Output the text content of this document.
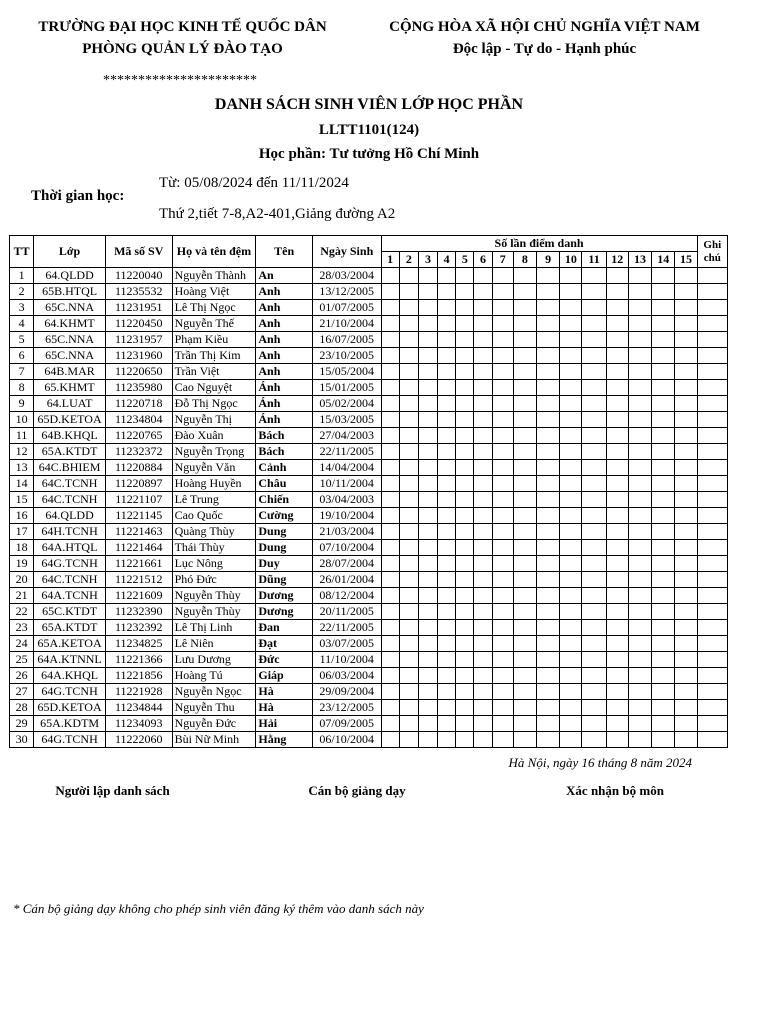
TRƯỜNG ĐẠI HỌC KINH TẾ QUỐC DÂN
PHÒNG QUẢN LÝ ĐÀO TẠO
**********************
CỘNG HÒA XÃ HỘI CHỦ NGHĨA VIỆT NAM
Độc lập - Tự do - Hạnh phúc
DANH SÁCH SINH VIÊN LỚP HỌC PHẦN
LLTT1101(124)
Học phần: Tư tưởng Hồ Chí Minh
Thời gian học:
Từ: 05/08/2024 đến 11/11/2024
Thứ 2,tiết 7-8,A2-401,Giảng đường A2
TT	Lớp	Mã số SV	Họ và tên đệm	Tên	Ngày Sinh	Số lần điểm danh															Ghi chú
						1	2	3	4	5	6	7	8	9	10	11	12	13	14	15	
1	64.QLDD	11220040	Nguyễn Thành	An	28/03/2004																
2	65B.HTQL	11235532	Hoàng Việt	Anh	13/12/2005																
3	65C.NNA	11231951	Lê Thị Ngọc	Anh	01/07/2005																
4	64.KHMT	11220450	Nguyễn Thế	Anh	21/10/2004																
5	65C.NNA	11231957	Phạm Kiều	Anh	16/07/2005																
6	65C.NNA	11231960	Trần Thị Kim	Anh	23/10/2005																
7	64B.MAR	11220650	Trần Việt	Anh	15/05/2004																
8	65.KHMT	11235980	Cao Nguyệt	Ánh	15/01/2005																
9	64.LUAT	11220718	Đỗ Thị Ngọc	Ánh	05/02/2004																
10	65D.KETOA	11234804	Nguyễn Thị	Ánh	15/03/2005																
11	64B.KHQL	11220765	Đào Xuân	Bách	27/04/2003																
12	65A.KTDT	11232372	Nguyễn Trọng	Bách	22/11/2005																
13	64C.BHIEM	11220884	Nguyễn Văn	Cảnh	14/04/2004																
14	64C.TCNH	11220897	Hoàng Huyền	Châu	10/11/2004																
15	64C.TCNH	11221107	Lê Trung	Chiến	03/04/2003																
16	64.QLDD	11221145	Cao Quốc	Cường	19/10/2004																
17	64H.TCNH	11221463	Quàng Thùy	Dung	21/03/2004																
18	64A.HTQL	11221464	Thái Thùy	Dung	07/10/2004																
19	64G.TCNH	11221661	Lục Nông	Duy	28/07/2004																
20	64C.TCNH	11221512	Phó Đức	Dũng	26/01/2004																
21	64A.TCNH	11221609	Nguyễn Thùy	Dương	08/12/2004																
22	65C.KTDT	11232390	Nguyễn Thùy	Dương	20/11/2005																
23	65A.KTDT	11232392	Lê Thị Linh	Đan	22/11/2005																
24	65A.KETOA	11234825	Lê Niên	Đạt	03/07/2005																
25	64A.KTNNL	11221366	Lưu Dương	Đức	11/10/2004																
26	64A.KHQL	11221856	Hoàng Tú	Giáp	06/03/2004																
27	64G.TCNH	11221928	Nguyễn Ngọc	Hà	29/09/2004																
28	65D.KETOA	11234844	Nguyễn Thu	Hà	23/12/2005																
29	65A.KDTM	11234093	Nguyễn Đức	Hải	07/09/2005																
30	64G.TCNH	11222060	Bùi Nữ Minh	Hằng	06/10/2004																
Hà Nội, ngày 16 tháng 8 năm 2024
Người lập danh sách	Cán bộ giảng dạy	Xác nhận bộ môn
* Cán bộ giảng dạy không cho phép sinh viên đăng ký thêm vào danh sách này
